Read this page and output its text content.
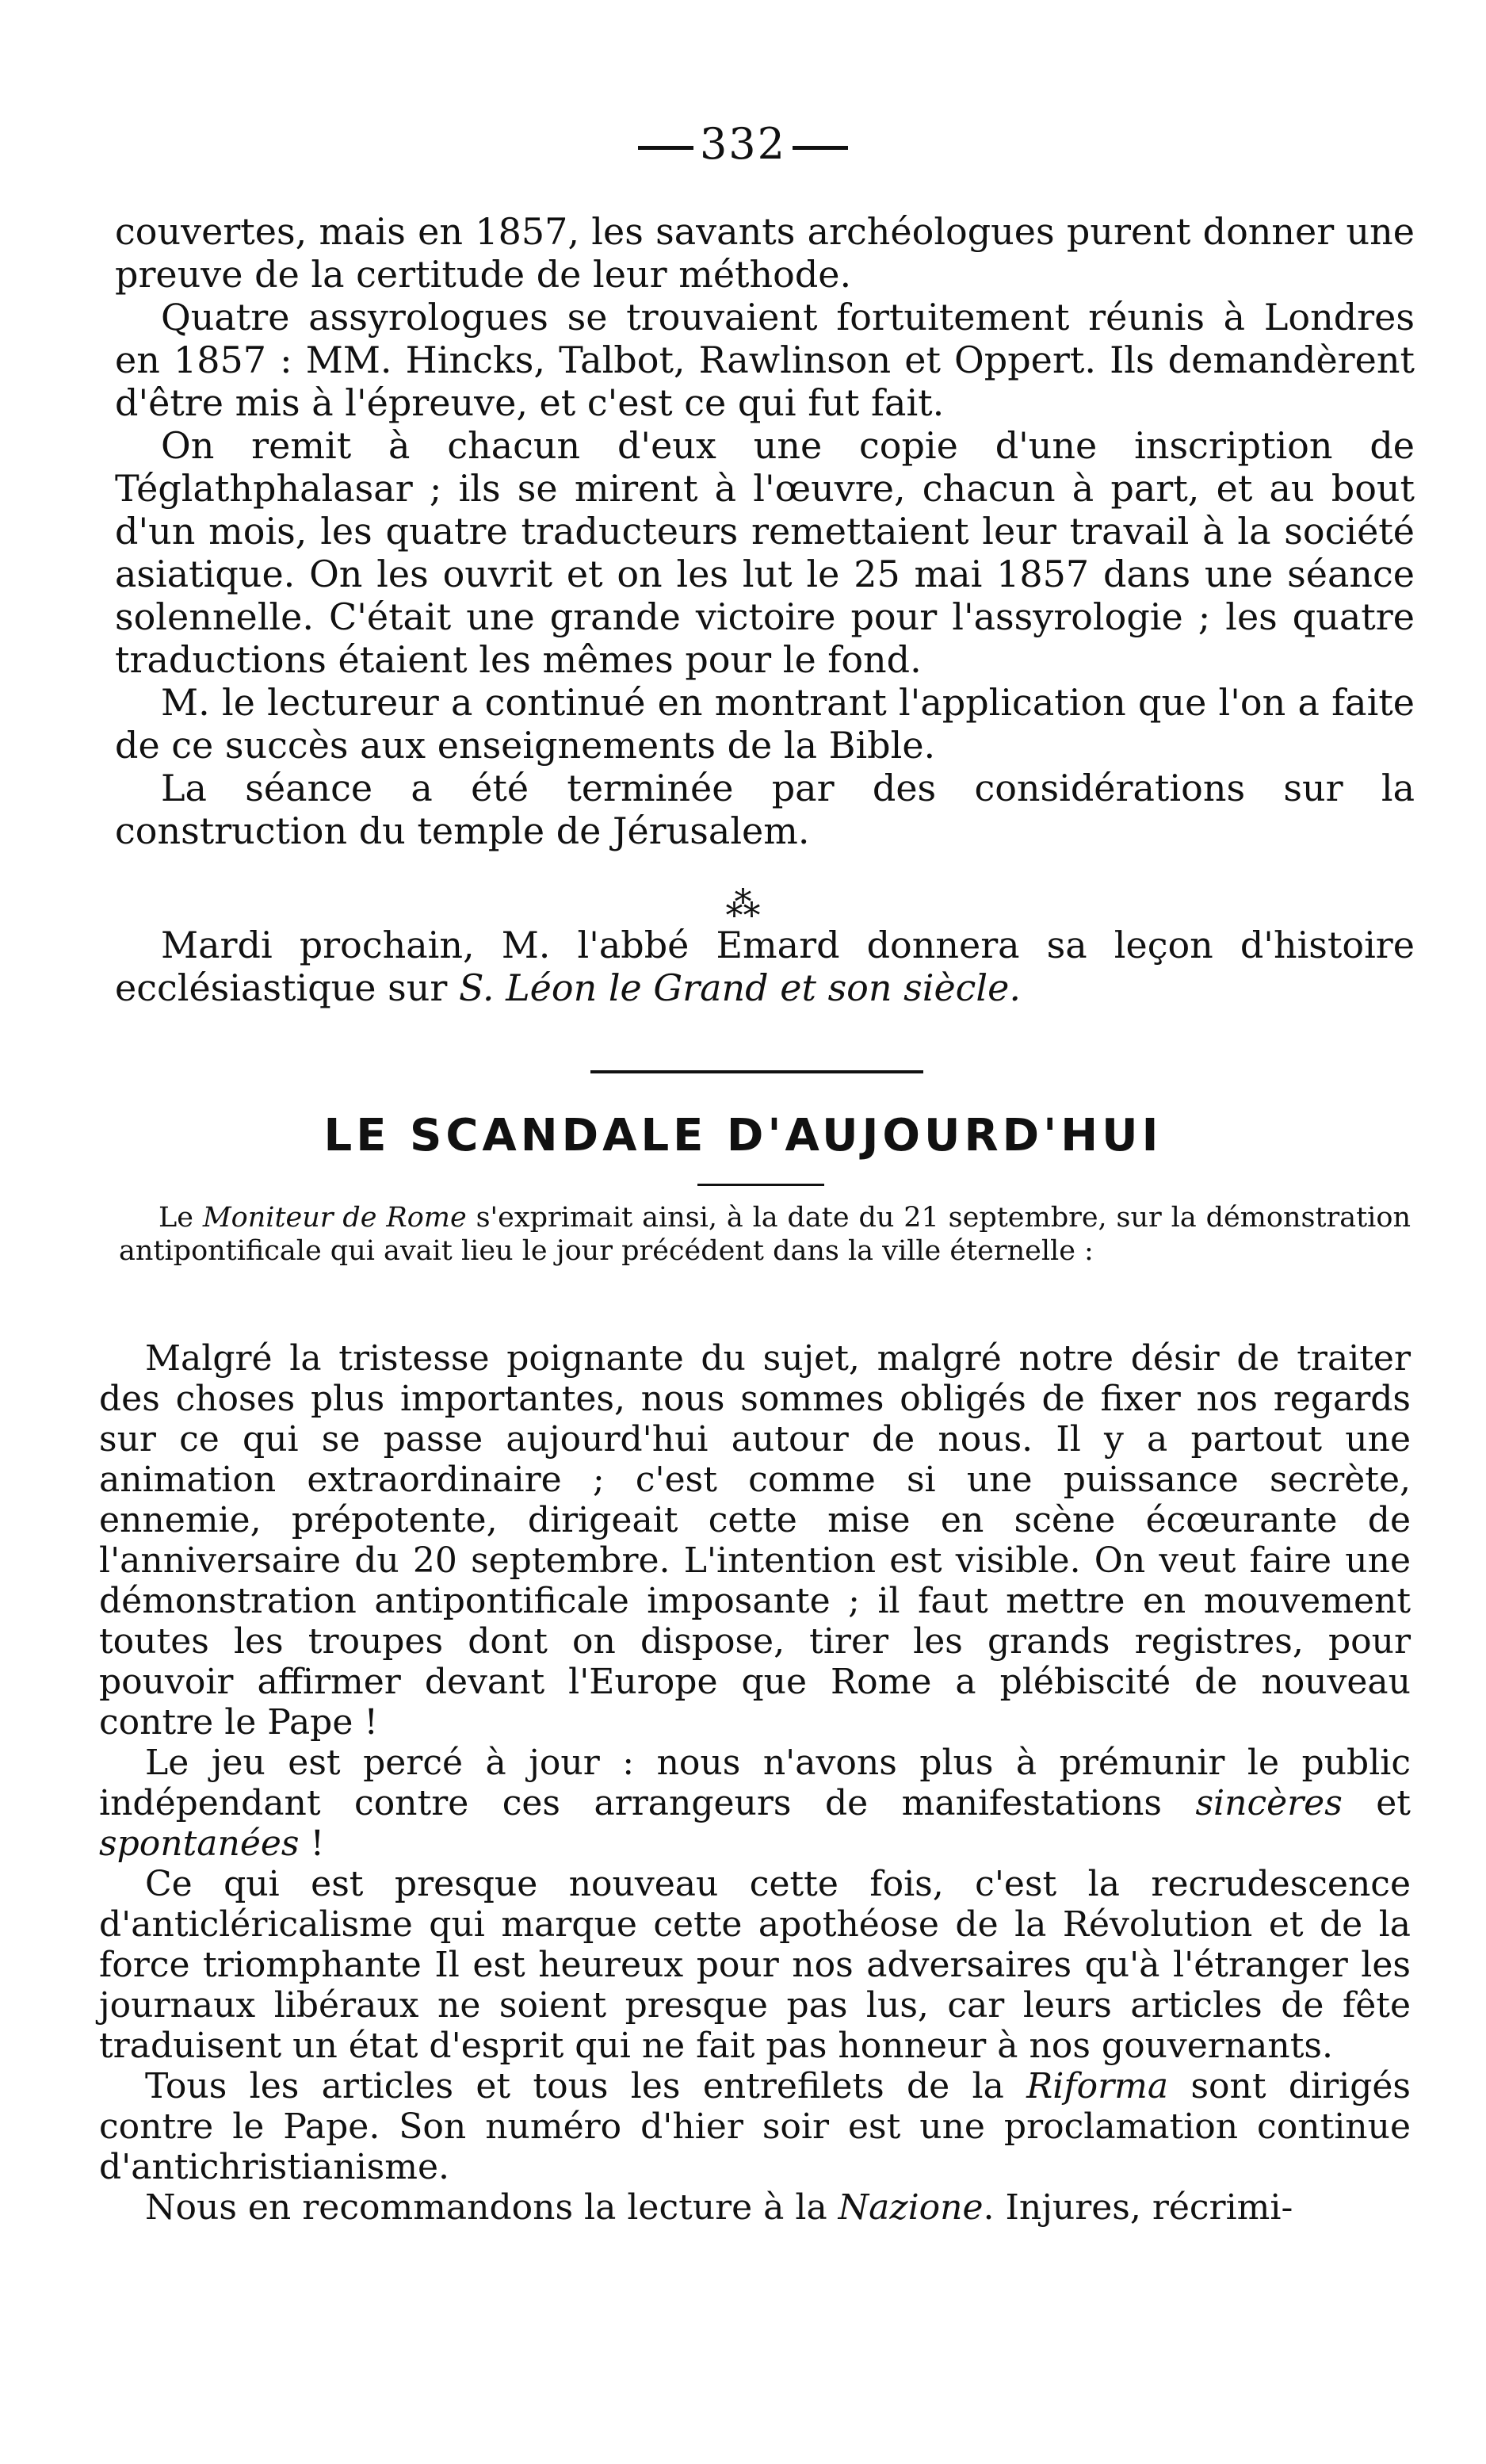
332

couvertes, mais en 1857, les savants archéologues purent donner une preuve de la certitude de leur méthode.

Quatre assyrologues se trouvaient fortuitement réunis à Londres en 1857 : MM. Hincks, Talbot, Rawlinson et Oppert. Ils demandèrent d'être mis à l'épreuve, et c'est ce qui fut fait.

On remit à chacun d'eux une copie d'une inscription de Téglathphalasar ; ils se mirent à l'œuvre, chacun à part, et au bout d'un mois, les quatre traducteurs remettaient leur travail à la société asiatique. On les ouvrit et on les lut le 25 mai 1857 dans une séance solennelle. C'était une grande victoire pour l'assyrologie ; les quatre traductions étaient les mêmes pour le fond.

M. le lectureur a continué en montrant l'application que l'on a faite de ce succès aux enseignements de la Bible.

La séance a été terminée par des considérations sur la construction du temple de Jérusalem.

⁂

Mardi prochain, M. l'abbé Emard donnera sa leçon d'histoire ecclésiastique sur S. Léon le Grand et son siècle.

LE SCANDALE D'AUJOURD'HUI

Le Moniteur de Rome s'exprimait ainsi, à la date du 21 septembre, sur la démonstration antipontificale qui avait lieu le jour précédent dans la ville éternelle :

Malgré la tristesse poignante du sujet, malgré notre désir de traiter des choses plus importantes, nous sommes obligés de fixer nos regards sur ce qui se passe aujourd'hui autour de nous. Il y a partout une animation extraordinaire ; c'est comme si une puissance secrète, ennemie, prépotente, dirigeait cette mise en scène écœurante de l'anniversaire du 20 septembre. L'intention est visible. On veut faire une démonstration antipontificale imposante ; il faut mettre en mouvement toutes les troupes dont on dispose, tirer les grands registres, pour pouvoir affirmer devant l'Europe que Rome a plébiscité de nouveau contre le Pape !

Le jeu est percé à jour : nous n'avons plus à prémunir le public indépendant contre ces arrangeurs de manifestations sincères et spontanées !

Ce qui est presque nouveau cette fois, c'est la recrudescence d'anticléricalisme qui marque cette apothéose de la Révolution et de la force triomphante Il est heureux pour nos adversaires qu'à l'étranger les journaux libéraux ne soient presque pas lus, car leurs articles de fête traduisent un état d'esprit qui ne fait pas honneur à nos gouvernants.

Tous les articles et tous les entrefilets de la Riforma sont dirigés contre le Pape. Son numéro d'hier soir est une proclamation continue d'antichristianisme.

Nous en recommandons la lecture à la Nazione. Injures, récrimi-
